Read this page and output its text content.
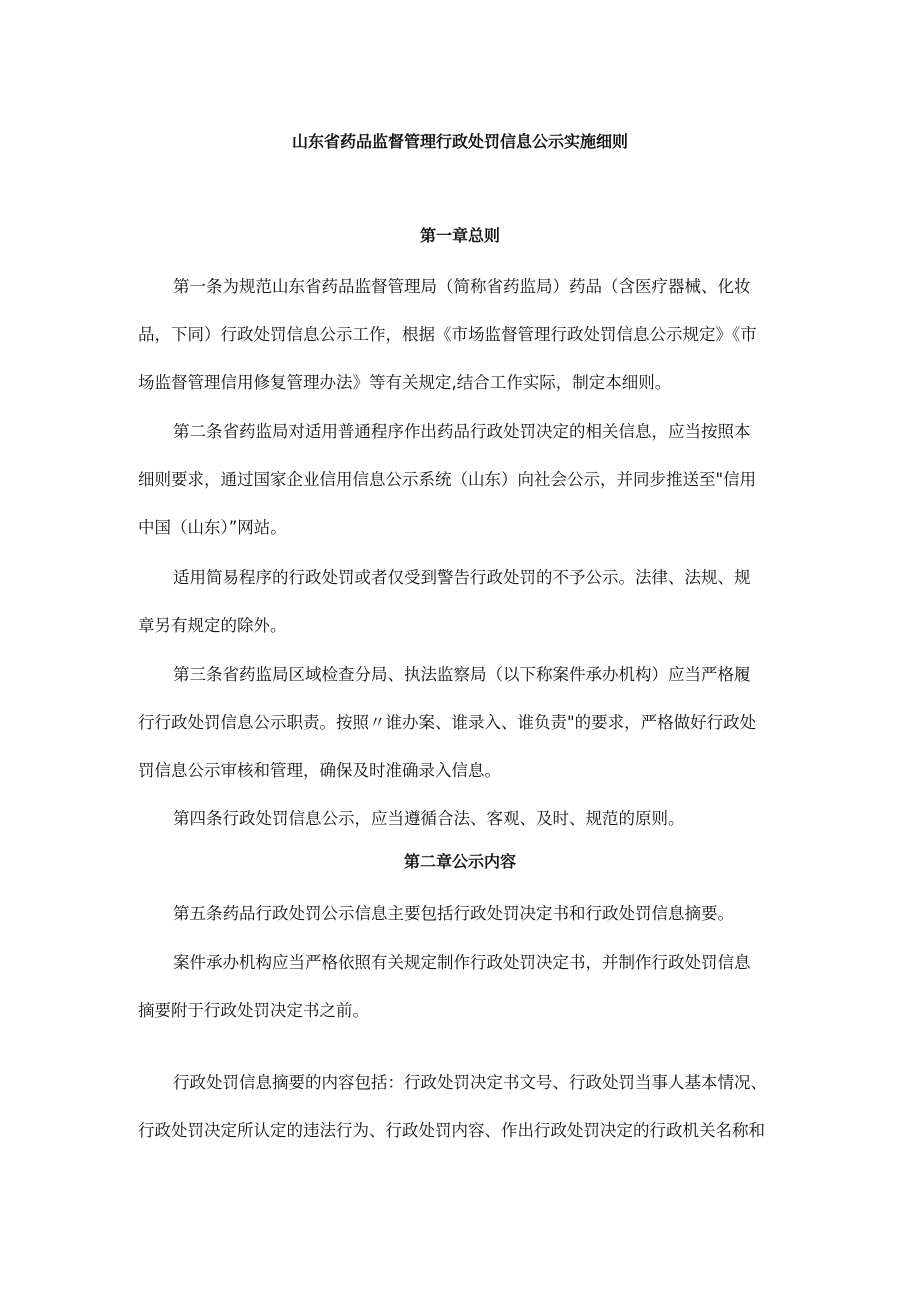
山东省药品监督管理行政处罚信息公示实施细则
第一章总则
第一条为规范山东省药品监督管理局（简称省药监局）药品（含医疗器械、化妆
品，下同）行政处罚信息公示工作，根据《市场监督管理行政处罚信息公示规定》《市
场监督管理信用修复管理办法》等有关规定,结合工作实际，制定本细则。
第二条省药监局对适用普通程序作出药品行政处罚决定的相关信息，应当按照本
细则要求，通过国家企业信用信息公示系统（山东）向社会公示，并同步推送至"信用
中国（山东）”网站。
适用简易程序的行政处罚或者仅受到警告行政处罚的不予公示。法律、法规、规
章另有规定的除外。
第三条省药监局区域检查分局、执法监察局（以下称案件承办机构）应当严格履
行行政处罚信息公示职责。按照〃谁办案、谁录入、谁负责"的要求，严格做好行政处
罚信息公示审核和管理，确保及时准确录入信息。
第四条行政处罚信息公示，应当遵循合法、客观、及时、规范的原则。
第二章公示内容
第五条药品行政处罚公示信息主要包括行政处罚决定书和行政处罚信息摘要。
案件承办机构应当严格依照有关规定制作行政处罚决定书，并制作行政处罚信息
摘要附于行政处罚决定书之前。
行政处罚信息摘要的内容包括：行政处罚决定书文号、行政处罚当事人基本情况、
行政处罚决定所认定的违法行为、行政处罚内容、作出行政处罚决定的行政机关名称和
